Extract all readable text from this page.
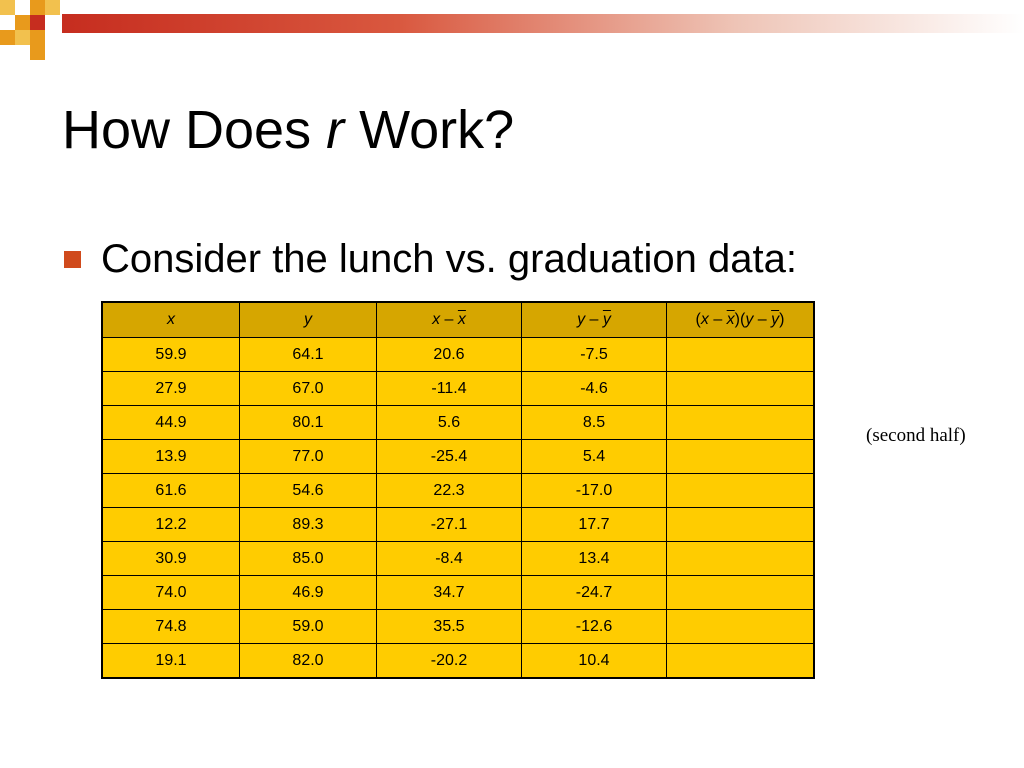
How Does r Work?
Consider the lunch vs. graduation data:
x	y	x – $\overline{x}$	y – $\overline{y}$	$(x - \overline{x})(y - \overline{y})$
59.9	64.1	20.6	-7.5	
27.9	67.0	-11.4	-4.6	
44.9	80.1	5.6	8.5	
13.9	77.0	-25.4	5.4	
61.6	54.6	22.3	-17.0	
12.2	89.3	-27.1	17.7	
30.9	85.0	-8.4	13.4	
74.0	46.9	34.7	-24.7	
74.8	59.0	35.5	-12.6	
19.1	82.0	-20.2	10.4	
(second half)
